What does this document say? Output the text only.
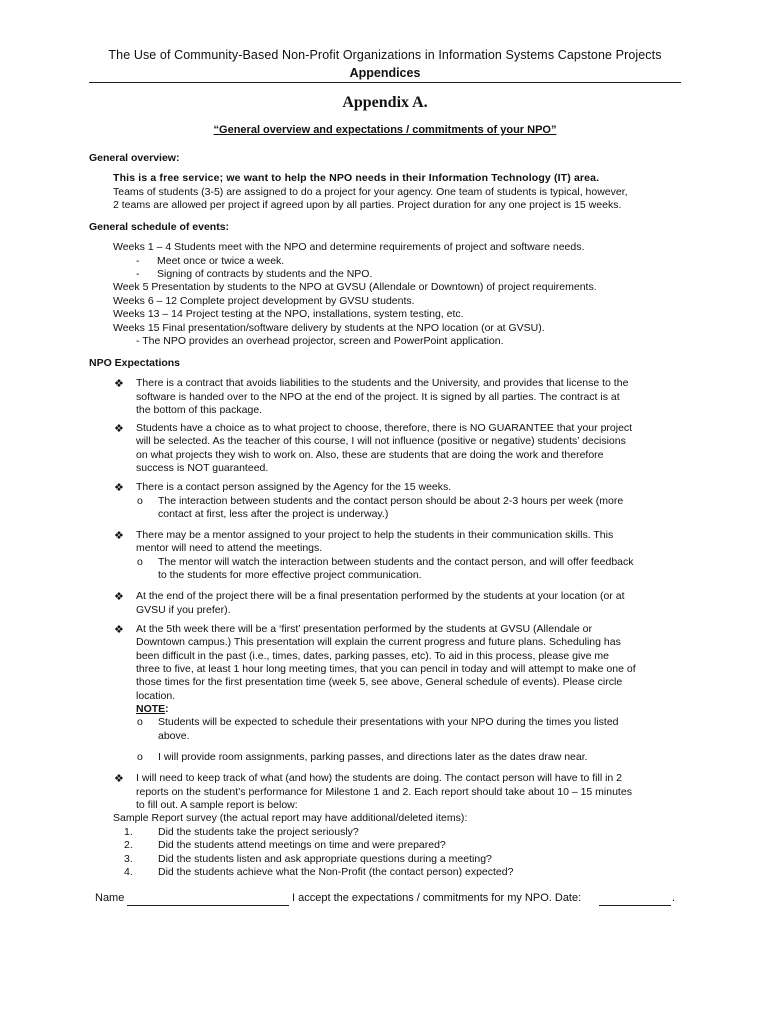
The Use of Community-Based Non-Profit Organizations in Information Systems Capstone Projects
Appendices
Appendix A.
“General overview and expectations / commitments of your NPO”
General overview:
This is a free service; we want to help the NPO needs in their Information Technology (IT) area.
Teams of students (3-5) are assigned to do a project for your agency. One team of students is typical, however,
2 teams are allowed per project if agreed upon by all parties. Project duration for any one project is 15 weeks.
General schedule of events:
Weeks 1 – 4 Students meet with the NPO and determine requirements of project and software needs.
-      Meet once or twice a week.
-      Signing of contracts by students and the NPO.
Week 5 Presentation by students to the NPO at GVSU (Allendale or Downtown) of project requirements.
Weeks 6 – 12 Complete project development by GVSU students.
Weeks 13 – 14 Project testing at the NPO, installations, system testing, etc.
Weeks 15 Final presentation/software delivery by students at the NPO location (or at GVSU).
- The NPO provides an overhead projector, screen and PowerPoint application.
NPO Expectations
❖ There is a contract that avoids liabilities to the students and the University, and provides that license to the
software is handed over to the NPO at the end of the project. It is signed by all parties. The contract is at
the bottom of this package.
❖ Students have a choice as to what project to choose, therefore, there is NO GUARANTEE that your project
will be selected. As the teacher of this course, I will not influence (positive or negative) students’ decisions
on what projects they wish to work on. Also, these are students that are doing the work and therefore
success is NOT guaranteed.
❖ There is a contact person assigned by the Agency for the 15 weeks.
o The interaction between students and the contact person should be about 2-3 hours per week (more
contact at first, less after the project is underway.)
❖ There may be a mentor assigned to your project to help the students in their communication skills. This
mentor will need to attend the meetings.
o The mentor will watch the interaction between students and the contact person, and will offer feedback
to the students for more effective project communication.
❖ At the end of the project there will be a final presentation performed by the students at your location (or at
GVSU if you prefer).
❖ At the 5th week there will be a ‘first’ presentation performed by the students at GVSU (Allendale or
Downtown campus.) This presentation will explain the current progress and future plans. Scheduling has
been difficult in the past (i.e., times, dates, parking passes, etc). To aid in this process, please give me
three to five, at least 1 hour long meeting times, that you can pencil in today and will attempt to make one of
those times for the first presentation time (week 5, see above, General schedule of events). Please circle
location.
NOTE:
o Students will be expected to schedule their presentations with your NPO during the times you listed
above.
o I will provide room assignments, parking passes, and directions later as the dates draw near.
❖ I will need to keep track of what (and how) the students are doing. The contact person will have to fill in 2
reports on the student’s performance for Milestone 1 and 2. Each report should take about 10 – 15 minutes
to fill out. A sample report is below:
Sample Report survey (the actual report may have additional/deleted items):
1. Did the students take the project seriously?
2. Did the students attend meetings on time and were prepared?
3. Did the students listen and ask appropriate questions during a meeting?
4. Did the students achieve what the Non-Profit (the contact person) expected?
Name	I accept the expectations / commitments for my NPO. Date:	.
